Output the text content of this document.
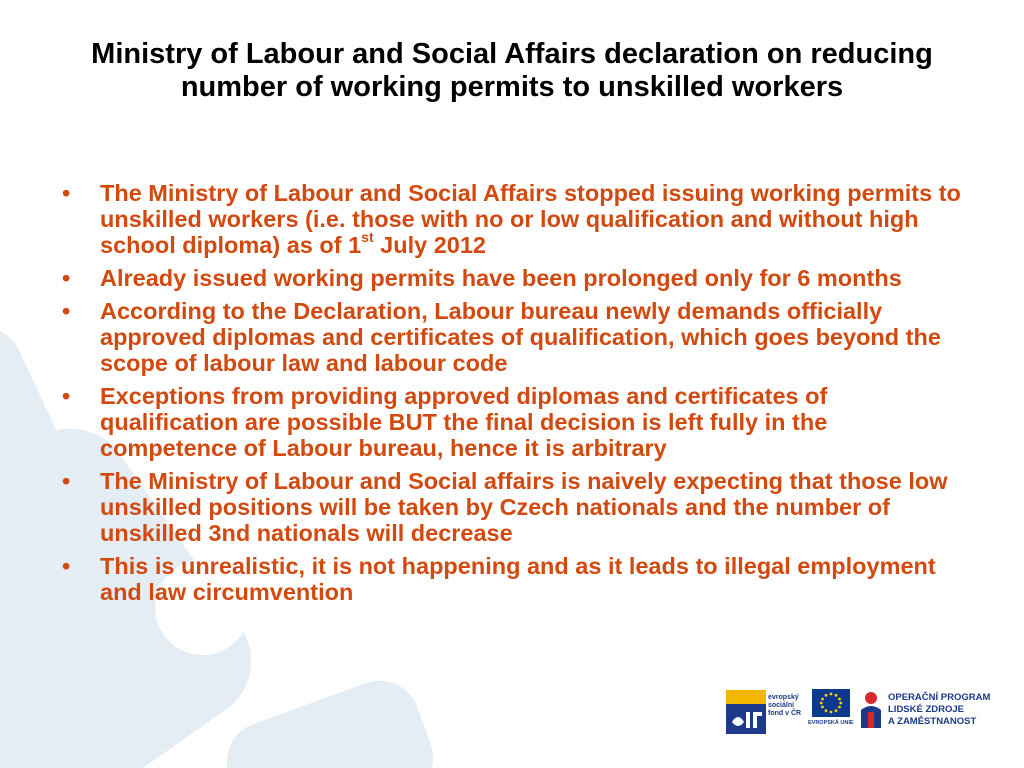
Ministry of Labour and Social Affairs declaration on reducing number of working permits to unskilled workers
• The Ministry of Labour and Social Affairs stopped issuing working permits to unskilled workers (i.e. those with no or low qualification and without high school diploma) as of 1st July 2012
• Already issued working permits have been prolonged only for 6 months
• According to the Declaration, Labour bureau newly demands officially approved diplomas and certificates of qualification, which goes beyond the scope of labour law and labour code
• Exceptions from providing approved diplomas and certificates of qualification are possible BUT the final decision is left fully in the competence of Labour bureau, hence it is arbitrary
• The Ministry of Labour and Social affairs is naively expecting that those low unskilled positions will be taken by Czech nationals and the number of unskilled 3nd nationals will decrease
• This is unrealistic, it is not happening and as it leads to illegal employment and law circumvention
evropský
sociální
fond v ČR
EVROPSKÁ UNIE
OPERAČNÍ PROGRAM
LIDSKÉ ZDROJE
A ZAMĚSTNANOST
